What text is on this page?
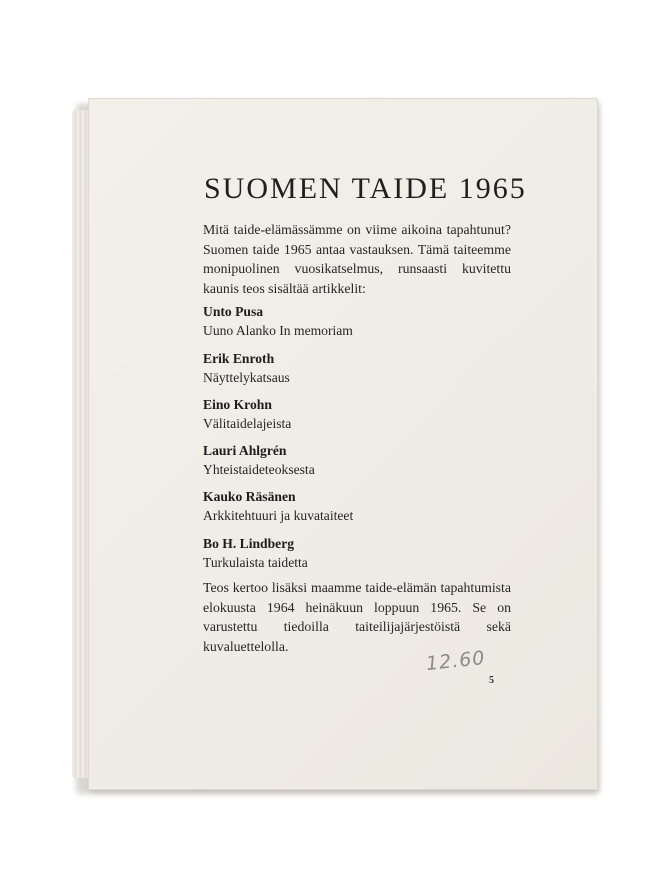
SUOMEN TAIDE 1965

Mitä taide-elämässämme on viime aikoina tapahtunut? Suomen taide 1965 antaa vastauksen. Tämä taiteemme monipuolinen vuosikatselmus, runsaasti kuvitettu kaunis teos sisältää artikkelit:

Unto Pusa
Uuno Alanko In memoriam
Erik Enroth
Näyttelykatsaus
Eino Krohn
Välitaidelajeista
Lauri Ahlgrén
Yhteistaideteoksesta
Kauko Räsänen
Arkkitehtuuri ja kuvataiteet
Bo H. Lindberg
Turkulaista taidetta

Teos kertoo lisäksi maamme taide-elämän tapahtumista elokuusta 1964 heinäkuun loppuun 1965. Se on varustettu tiedoilla taiteilijajärjestöistä sekä kuvaluettelolla.

12.60
5
